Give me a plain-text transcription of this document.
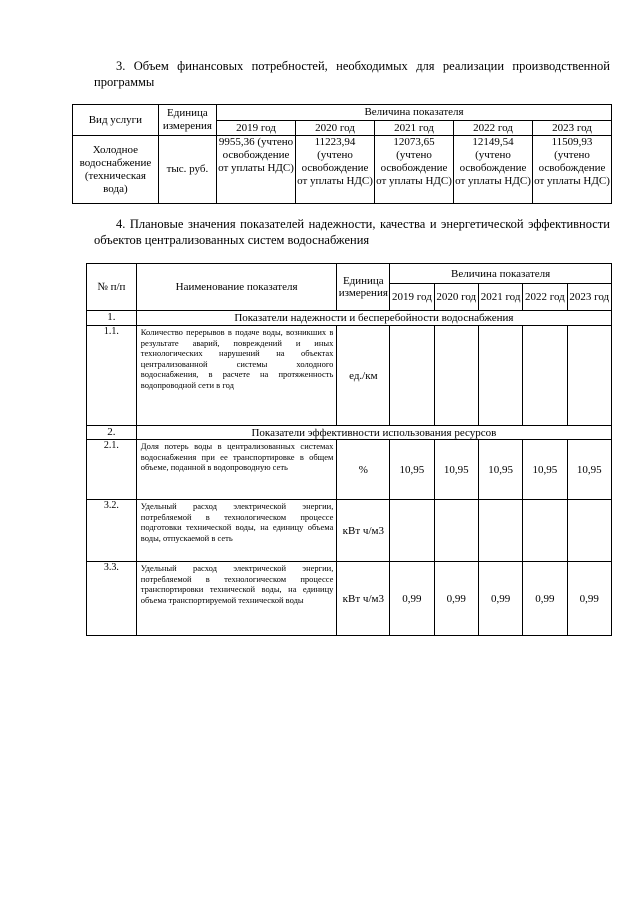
3. Объем финансовых потребностей, необходимых для реализации производственной программы
Вид услуги	Единица измерения	Величина показателя				
		2019 год	2020 год	2021 год	2022 год	2023 год
Холодное водоснабжение (техническая вода)	тыс. руб.	9955,36 (учтено освобождение от уплаты НДС)	11223,94 (учтено освобождение от уплаты НДС)	12073,65 (учтено освобождение от уплаты НДС)	12149,54 (учтено освобождение от уплаты НДС)	11509,93 (учтено освобождение от уплаты НДС)
4. Плановые значения показателей надежности, качества и энергетической эффективности объектов централизованных систем водоснабжения
№ п/п	Наименование показателя	Единица измерения	Величина показателя				
			2019 год	2020 год	2021 год	2022 год	2023 год
1.	Показатели надежности и бесперебойности водоснабжения						
1.1.	Количество перерывов в подаче воды, возникших в результате аварий, повреждений и иных технологических нарушений на объектах централизованной системы холодного водоснабжения, в расчете на протяженность водопроводной сети в год	ед./км					
2.	Показатели эффективности использования ресурсов						
2.1.	Доля потерь воды в централизованных системах водоснабжения при ее транспортировке в общем объеме, поданной в водопроводную сеть	%	10,95	10,95	10,95	10,95	10,95
3.2.	Удельный расход электрической энергии, потребляемой в технологическом процессе подготовки технической воды, на единицу объема воды, отпускаемой в сеть	кВт ч/м3					
3.3.	Удельный расход электрической энергии, потребляемой в технологическом процессе транспортировки технической воды, на единицу объема транспортируемой технической воды	кВт ч/м3	0,99	0,99	0,99	0,99	0,99
